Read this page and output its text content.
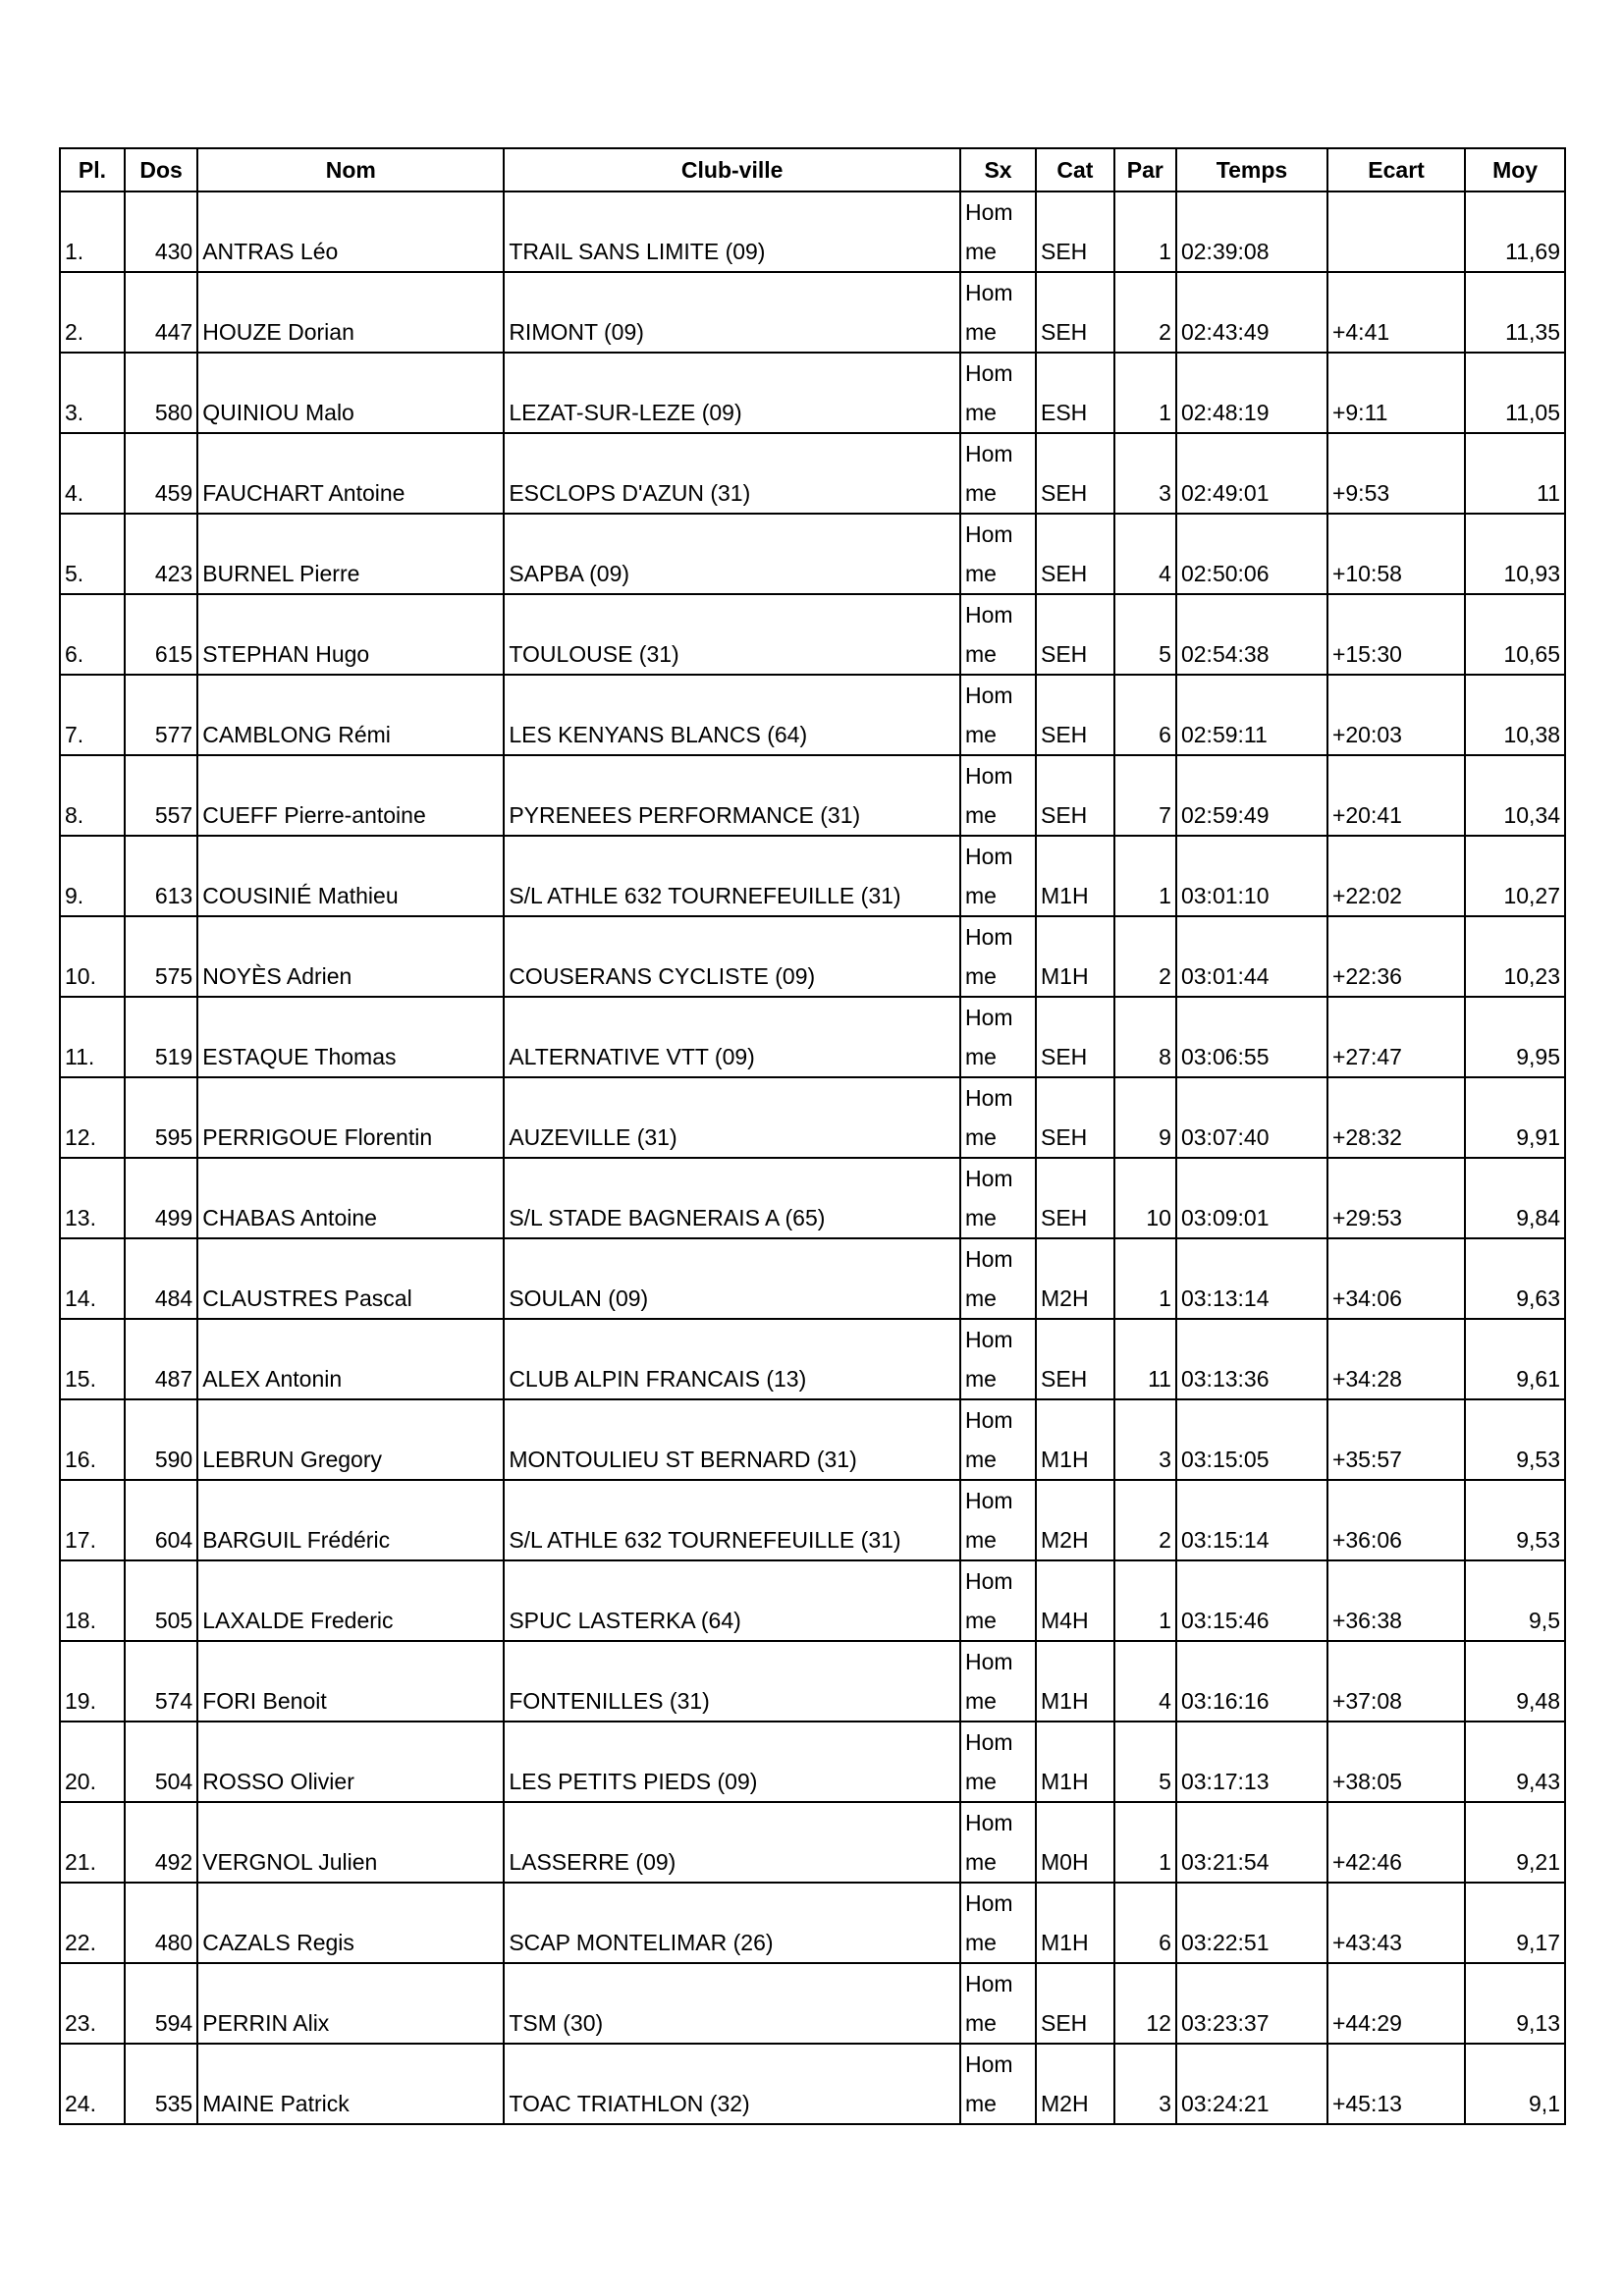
Pl.	Dos	Nom	Club-ville	Sx	Cat	Par	Temps	Ecart	Moy
1.	430	ANTRAS Léo	TRAIL SANS LIMITE (09)	Homme	SEH	1	02:39:08		11,69
2.	447	HOUZE Dorian	RIMONT (09)	Homme	SEH	2	02:43:49	+4:41	11,35
3.	580	QUINIOU Malo	LEZAT-SUR-LEZE (09)	Homme	ESH	1	02:48:19	+9:11	11,05
4.	459	FAUCHART Antoine	ESCLOPS D'AZUN (31)	Homme	SEH	3	02:49:01	+9:53	11
5.	423	BURNEL Pierre	SAPBA (09)	Homme	SEH	4	02:50:06	+10:58	10,93
6.	615	STEPHAN Hugo	TOULOUSE (31)	Homme	SEH	5	02:54:38	+15:30	10,65
7.	577	CAMBLONG Rémi	LES KENYANS BLANCS (64)	Homme	SEH	6	02:59:11	+20:03	10,38
8.	557	CUEFF Pierre-antoine	PYRENEES PERFORMANCE (31)	Homme	SEH	7	02:59:49	+20:41	10,34
9.	613	COUSINIÉ Mathieu	S/L ATHLE 632 TOURNEFEUILLE (31)	Homme	M1H	1	03:01:10	+22:02	10,27
10.	575	NOYÈS Adrien	COUSERANS CYCLISTE (09)	Homme	M1H	2	03:01:44	+22:36	10,23
11.	519	ESTAQUE Thomas	ALTERNATIVE VTT (09)	Homme	SEH	8	03:06:55	+27:47	9,95
12.	595	PERRIGOUE Florentin	AUZEVILLE (31)	Homme	SEH	9	03:07:40	+28:32	9,91
13.	499	CHABAS Antoine	S/L STADE BAGNERAIS A (65)	Homme	SEH	10	03:09:01	+29:53	9,84
14.	484	CLAUSTRES Pascal	SOULAN (09)	Homme	M2H	1	03:13:14	+34:06	9,63
15.	487	ALEX Antonin	CLUB ALPIN FRANCAIS (13)	Homme	SEH	11	03:13:36	+34:28	9,61
16.	590	LEBRUN Gregory	MONTOULIEU ST BERNARD (31)	Homme	M1H	3	03:15:05	+35:57	9,53
17.	604	BARGUIL Frédéric	S/L ATHLE 632 TOURNEFEUILLE (31)	Homme	M2H	2	03:15:14	+36:06	9,53
18.	505	LAXALDE Frederic	SPUC LASTERKA (64)	Homme	M4H	1	03:15:46	+36:38	9,5
19.	574	FORI Benoit	FONTENILLES (31)	Homme	M1H	4	03:16:16	+37:08	9,48
20.	504	ROSSO Olivier	LES PETITS PIEDS (09)	Homme	M1H	5	03:17:13	+38:05	9,43
21.	492	VERGNOL Julien	LASSERRE (09)	Homme	M0H	1	03:21:54	+42:46	9,21
22.	480	CAZALS Regis	SCAP MONTELIMAR (26)	Homme	M1H	6	03:22:51	+43:43	9,17
23.	594	PERRIN Alix	TSM (30)	Homme	SEH	12	03:23:37	+44:29	9,13
24.	535	MAINE Patrick	TOAC TRIATHLON (32)	Homme	M2H	3	03:24:21	+45:13	9,1
